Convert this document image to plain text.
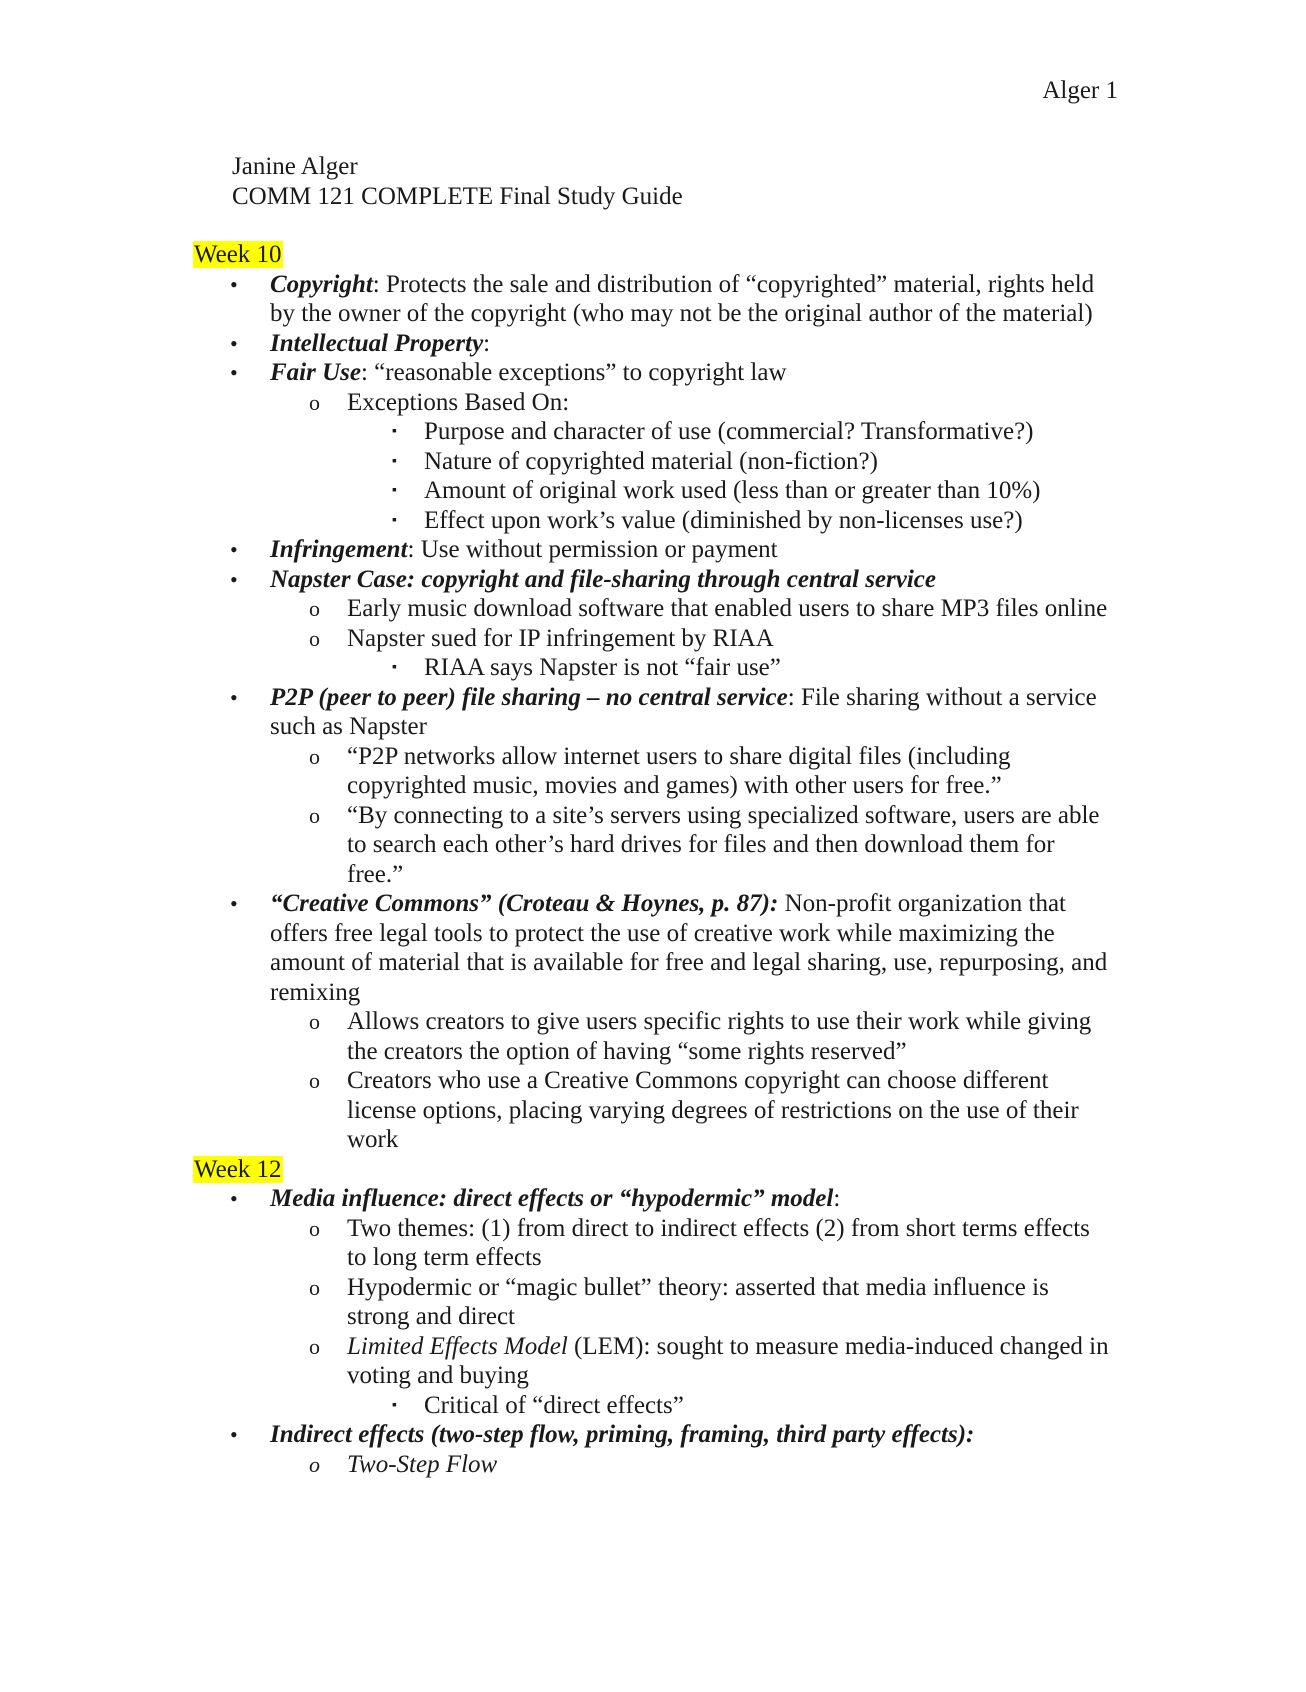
Alger 1

Janine Alger

COMM 121 COMPLETE Final Study Guide

Week 10

• Copyright: Protects the sale and distribution of “copyrighted” material, rights held by the owner of the copyright (who may not be the original author of the material)
• Intellectual Property:
• Fair Use: “reasonable exceptions” to copyright law
o Exceptions Based On:
▪ Purpose and character of use (commercial? Transformative?)
▪ Nature of copyrighted material (non-fiction?)
▪ Amount of original work used (less than or greater than 10%)
▪ Effect upon work’s value (diminished by non-licenses use?)
• Infringement: Use without permission or payment
• Napster Case: copyright and file-sharing through central service
o Early music download software that enabled users to share MP3 files online
o Napster sued for IP infringement by RIAA
▪ RIAA says Napster is not “fair use”
• P2P (peer to peer) file sharing – no central service: File sharing without a service such as Napster
o “P2P networks allow internet users to share digital files (including copyrighted music, movies and games) with other users for free.”
o “By connecting to a site’s servers using specialized software, users are able to search each other’s hard drives for files and then download them for free.”
• “Creative Commons” (Croteau & Hoynes, p. 87): Non-profit organization that offers free legal tools to protect the use of creative work while maximizing the amount of material that is available for free and legal sharing, use, repurposing, and remixing
o Allows creators to give users specific rights to use their work while giving the creators the option of having “some rights reserved”
o Creators who use a Creative Commons copyright can choose different license options, placing varying degrees of restrictions on the use of their work

Week 12

• Media influence: direct effects or “hypodermic” model:
o Two themes: (1) from direct to indirect effects (2) from short terms effects to long term effects
o Hypodermic or “magic bullet” theory: asserted that media influence is strong and direct
o Limited Effects Model (LEM): sought to measure media-induced changed in voting and buying
▪ Critical of “direct effects”
• Indirect effects (two-step flow, priming, framing, third party effects):
o Two-Step Flow
